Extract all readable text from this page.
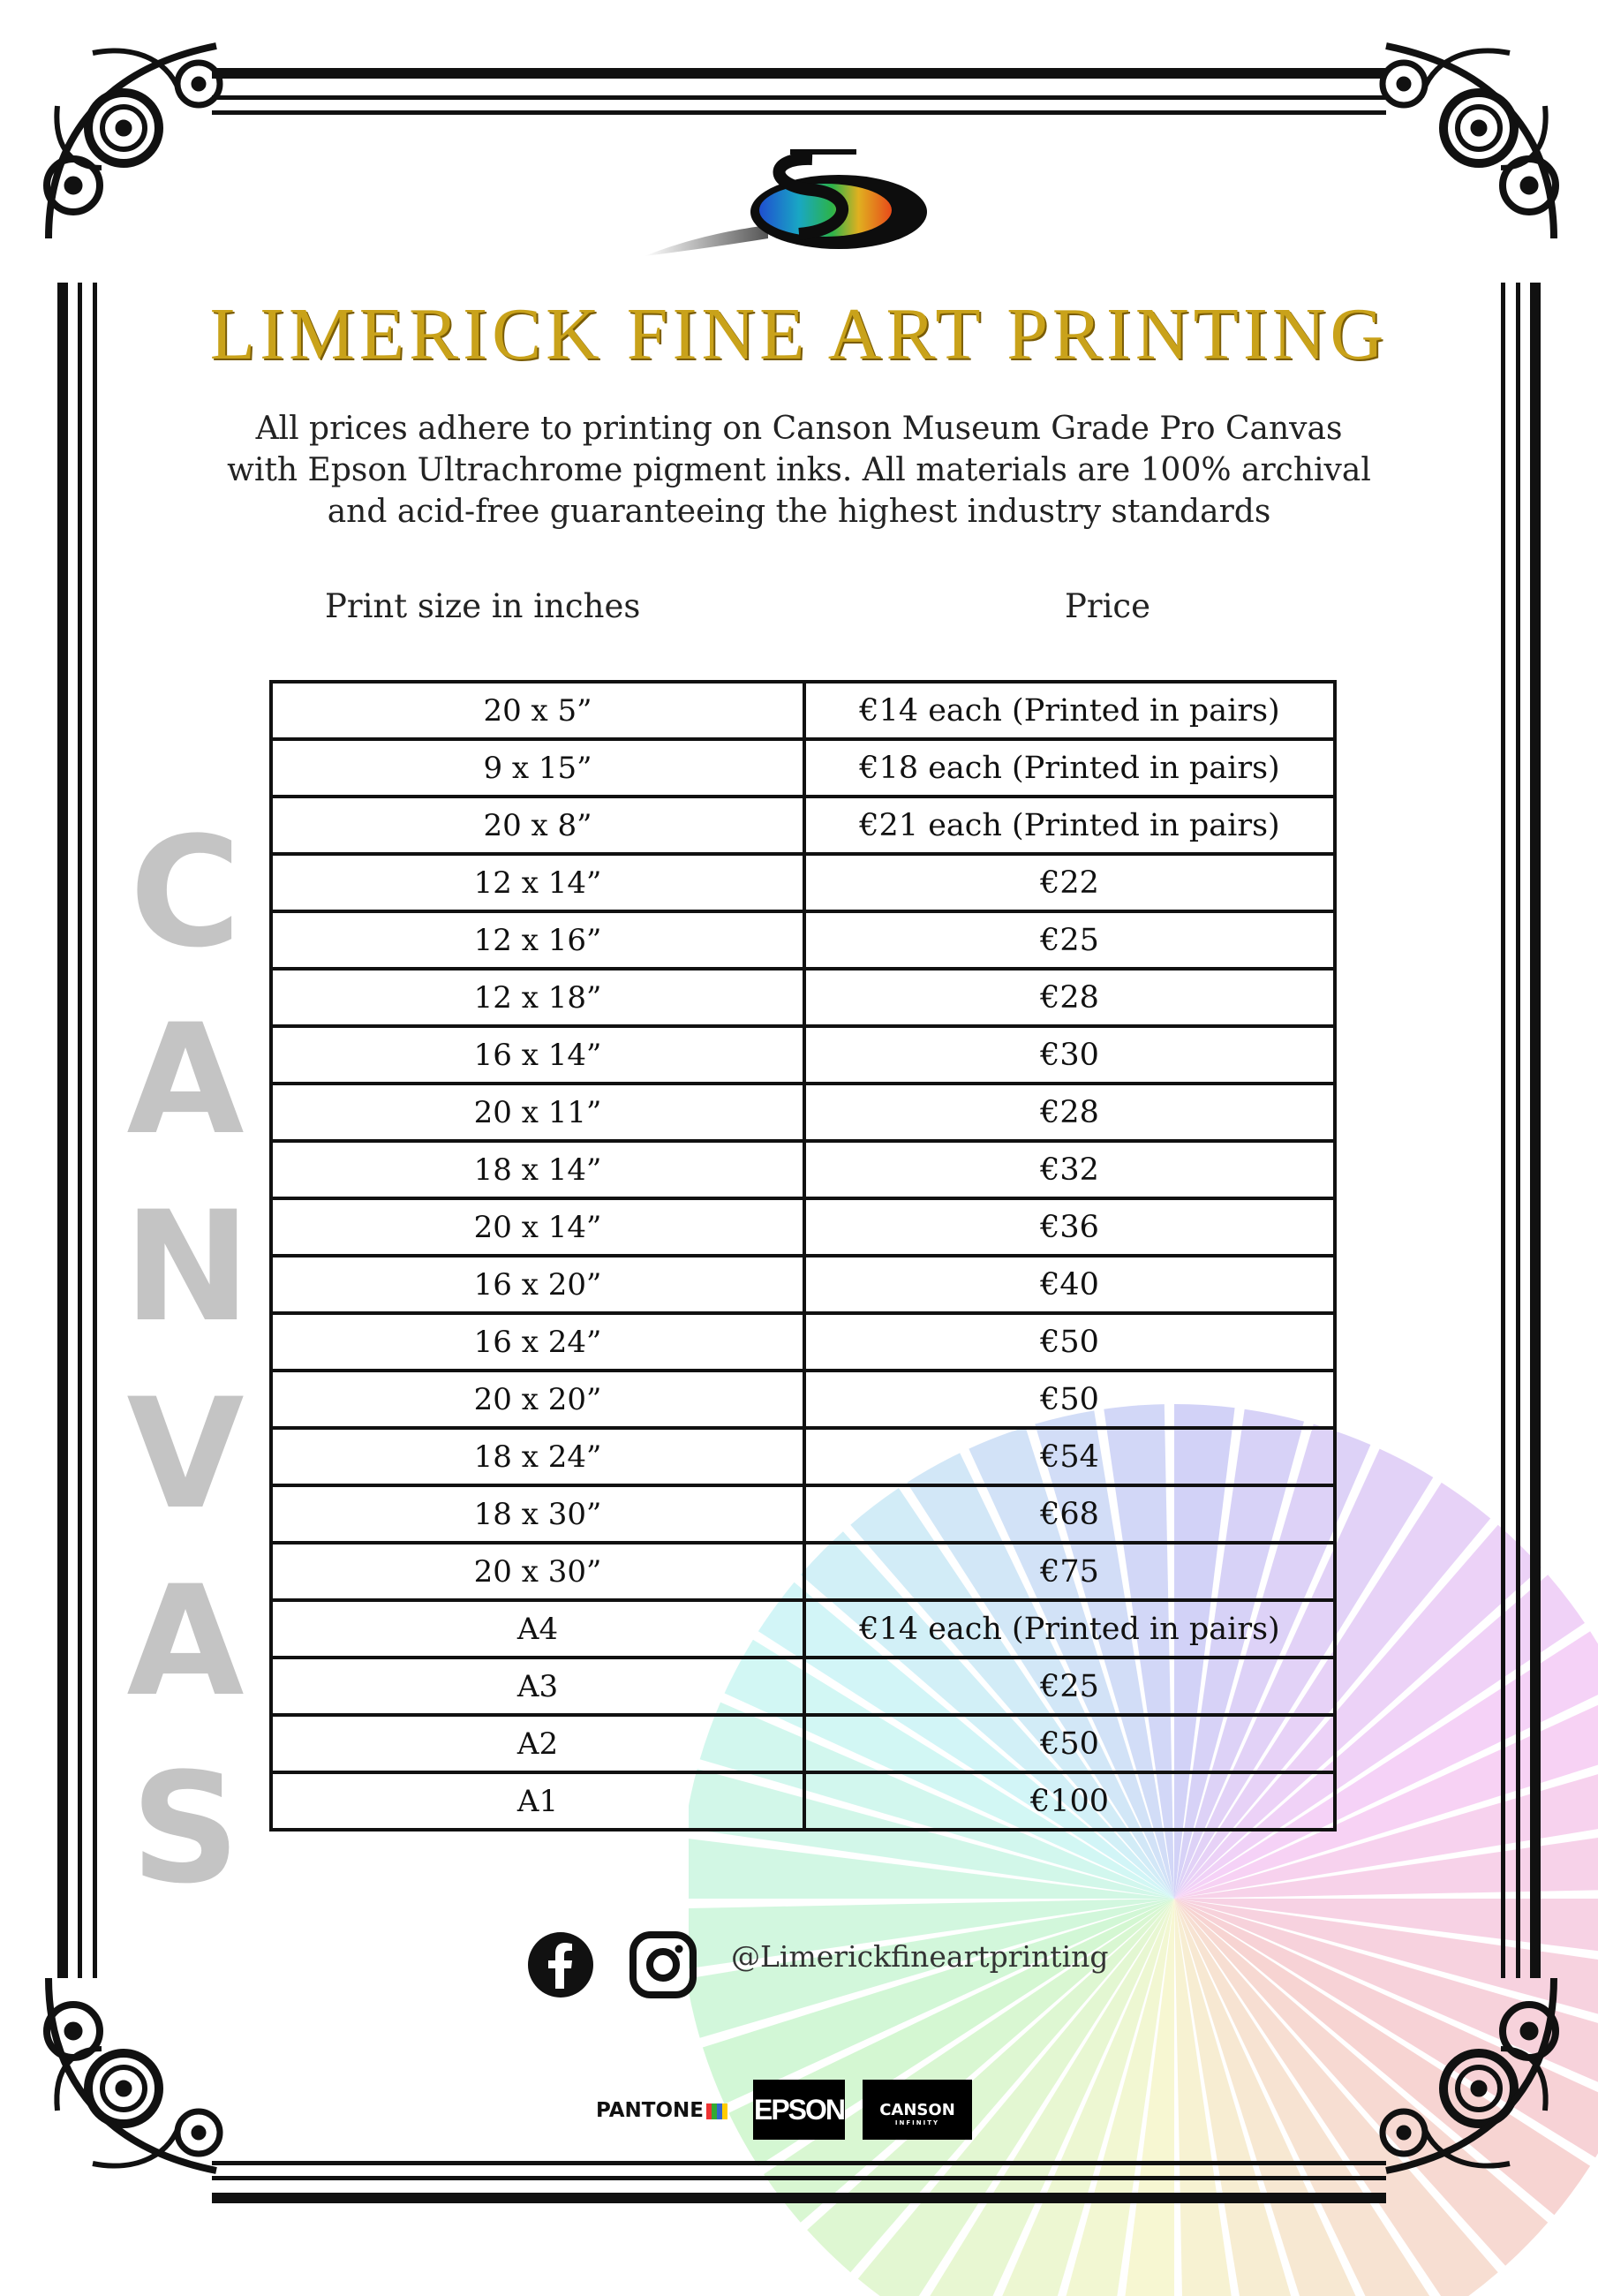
LIMERICK FINE ART PRINTING
All prices adhere to printing on Canson Museum Grade Pro Canvas
with Epson Ultrachrome pigment inks. All materials are 100% archival
and acid-free guaranteeing the highest industry standards
Print size in inches	Price
20 x 5”	€14 each (Printed in pairs)
9 x 15”	€18 each (Printed in pairs)
20 x 8”	€21 each (Printed in pairs)
12 x 14”	€22
12 x 16”	€25
12 x 18”	€28
16 x 14”	€30
20 x 11”	€28
18 x 14”	€32
20 x 14”	€36
16 x 20”	€40
16 x 24”	€50
20 x 20”	€50
18 x 24”	€54
18 x 30”	€68
20 x 30”	€75
A4	€14 each (Printed in pairs)
A3	€25
A2	€50
A1	€100
C
A
N
V
A
S
@Limerickfineartprinting
PANTONE	EPSON	CANSON
INFINITY
